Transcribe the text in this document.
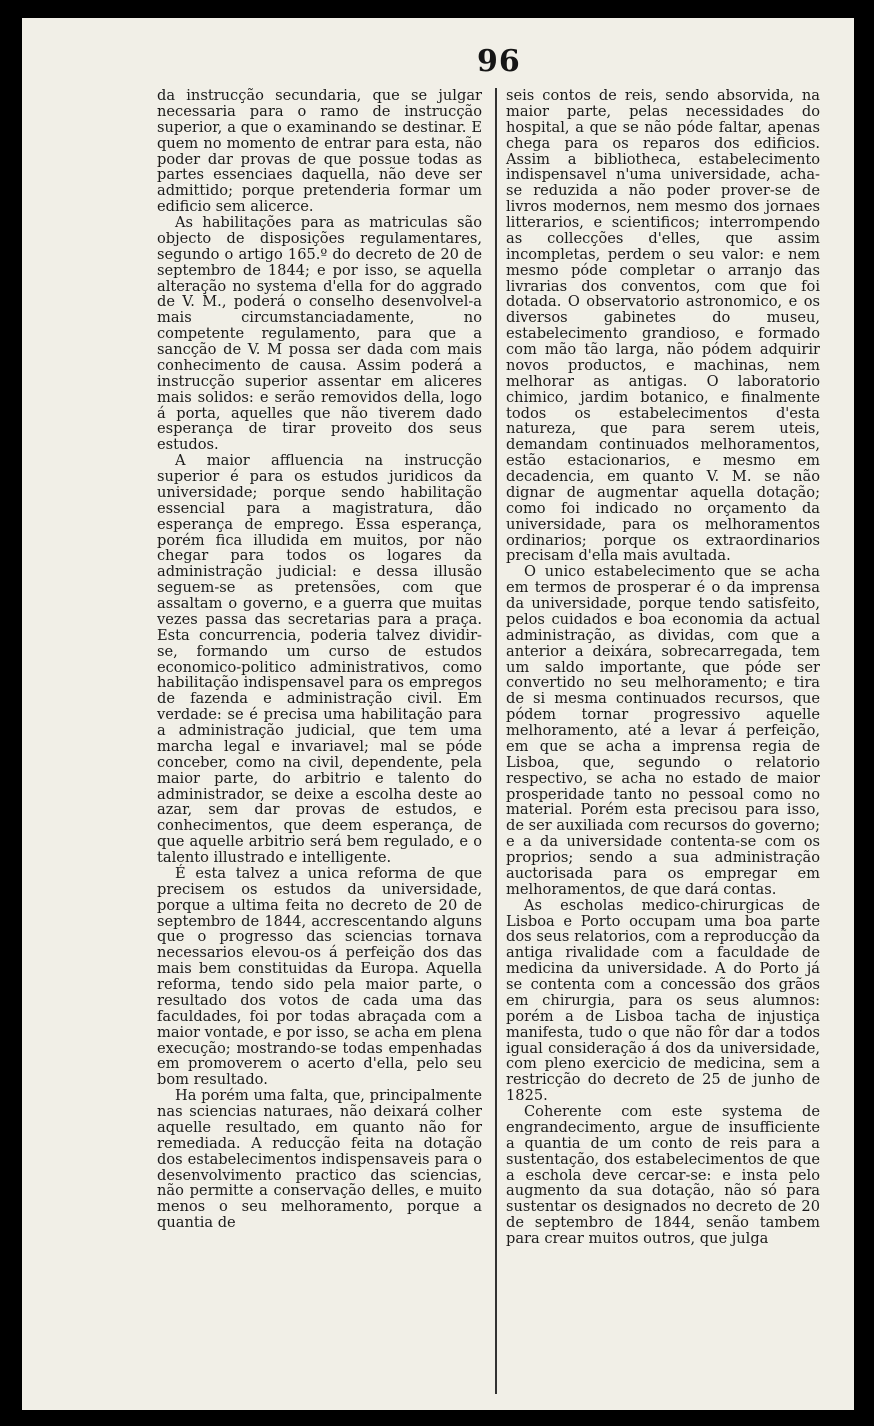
96

da instrucção secundaria, que se julgar necessaria para o ramo de instrucção superior, a que o examinando se destinar. E quem no momento de entrar para esta, não poder dar provas de que possue todas as partes essenciaes daquella, não deve ser admittido; porque pretenderia formar um edificio sem alicerce.

As habilitações para as matriculas são objecto de disposições regulamentares, segundo o artigo 165.º do decreto de 20 de septembro de 1844; e por isso, se aquella alteração no systema d'ella for do aggrado de V. M., poderá o conselho desenvolvel-a mais circumstanciadamente, no competente regulamento, para que a sancção de V. M possa ser dada com mais conhecimento de causa. Assim poderá a instrucção superior assentar em aliceres mais solidos: e serão removidos della, logo á porta, aquelles que não tiverem dado esperança de tirar proveito dos seus estudos.

A maior affluencia na instrucção superior é para os estudos juridicos da universidade; porque sendo habilitação essencial para a magistratura, dão esperança de emprego. Essa esperança, porém fica illudida em muitos, por não chegar para todos os logares da administração judicial: e dessa illusão seguem-se as pretensões, com que assaltam o governo, e a guerra que muitas vezes passa das secretarias para a praça. Esta concurrencia, poderia talvez dividir-se, formando um curso de estudos economico-politico administrativos, como habilitação indispensavel para os empregos de fazenda e administração civil. Em verdade: se é precisa uma habilitação para a administração judicial, que tem uma marcha legal e invariavel; mal se póde conceber, como na civil, dependente, pela maior parte, do arbitrio e talento do administrador, se deixe a escolha deste ao azar, sem dar provas de estudos, e conhecimentos, que deem esperança, de que aquelle arbitrio será bem regulado, e o talento illustrado e intelligente.

É esta talvez a unica reforma de que precisem os estudos da universidade, porque a ultima feita no decreto de 20 de septembro de 1844, accrescentando alguns que o progresso das sciencias tornava necessarios elevou-os á perfeição dos das mais bem constituidas da Europa. Aquella reforma, tendo sido pela maior parte, o resultado dos votos de cada uma das faculdades, foi por todas abraçada com a maior vontade, e por isso, se acha em plena execução; mostrando-se todas empenhadas em promoverem o acerto d'ella, pelo seu bom resultado.

Ha porém uma falta, que, principalmente nas sciencias naturaes, não deixará colher aquelle resultado, em quanto não for remediada. A reducção feita na dotação dos estabelecimentos indispensaveis para o desenvolvimento practico das sciencias, não permitte a conservação delles, e muito menos o seu melhoramento, porque a quantia de

seis contos de reis, sendo absorvida, na maior parte, pelas necessidades do hospital, a que se não póde faltar, apenas chega para os reparos dos edificios. Assim a bibliotheca, estabelecimento indispensavel n'uma universidade, acha-se reduzida a não poder prover-se de livros modernos, nem mesmo dos jornaes litterarios, e scientificos; interrompendo as collecções d'elles, que assim incompletas, perdem o seu valor: e nem mesmo póde completar o arranjo das livrarias dos conventos, com que foi dotada. O observatorio astronomico, e os diversos gabinetes do museu, estabelecimento grandioso, e formado com mão tão larga, não pódem adquirir novos productos, e machinas, nem melhorar as antigas. O laboratorio chimico, jardim botanico, e finalmente todos os estabelecimentos d'esta natureza, que para serem uteis, demandam continuados melhoramentos, estão estacionarios, e mesmo em decadencia, em quanto V. M. se não dignar de augmentar aquella dotação; como foi indicado no orçamento da universidade, para os melhoramentos ordinarios; porque os extraordinarios precisam d'ella mais avultada.

O unico estabelecimento que se acha em termos de prosperar é o da imprensa da universidade, porque tendo satisfeito, pelos cuidados e boa economia da actual administração, as dividas, com que a anterior a deixára, sobrecarregada, tem um saldo importante, que póde ser convertido no seu melhoramento; e tira de si mesma continuados recursos, que pódem tornar progressivo aquelle melhoramento, até a levar á perfeição, em que se acha a imprensa regia de Lisboa, que, segundo o relatorio respectivo, se acha no estado de maior prosperidade tanto no pessoal como no material. Porém esta precisou para isso, de ser auxiliada com recursos do governo; e a da universidade contenta-se com os proprios; sendo a sua administração auctorisada para os empregar em melhoramentos, de que dará contas.

As escholas medico-chirurgicas de Lisboa e Porto occupam uma boa parte dos seus relatorios, com a reproducção da antiga rivalidade com a faculdade de medicina da universidade. A do Porto já se contenta com a concessão dos grãos em chirurgia, para os seus alumnos: porém a de Lisboa tacha de injustiça manifesta, tudo o que não fôr dar a todos igual consideração á dos da universidade, com pleno exercicio de medicina, sem a restricção do decreto de 25 de junho de 1825.

Coherente com este systema de engrandecimento, argue de insufficiente a quantia de um conto de reis para a sustentação, dos estabelecimentos de que a eschola deve cercar-se: e insta pelo augmento da sua dotação, não só para sustentar os designados no decreto de 20 de septembro de 1844, senão tambem para crear muitos outros, que julga
